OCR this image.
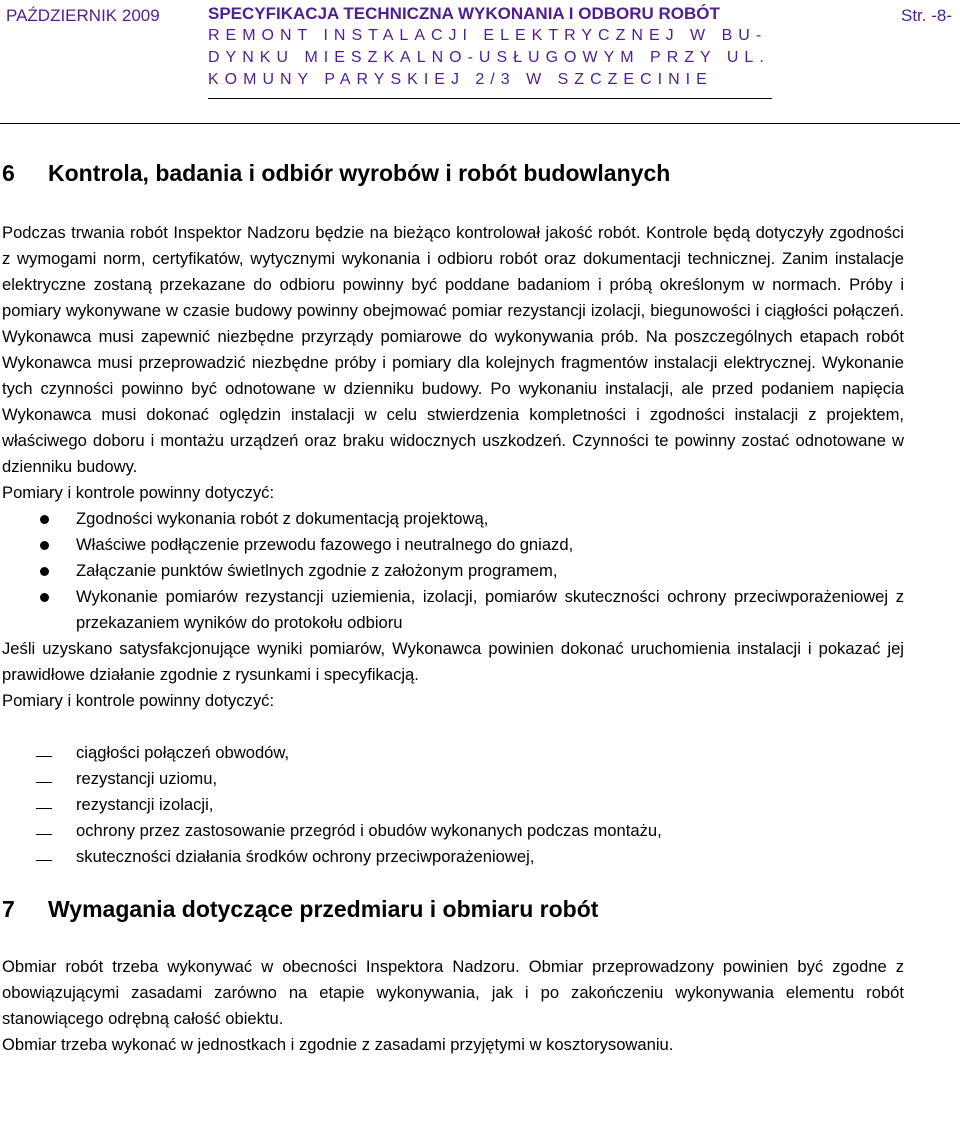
PAŹDZIERNIK 2009	SPECYFIKACJA TECHNICZNA WYKONANIA I ODBORU ROBÓT
REMONT INSTALACJI ELEKTRYCZNEJ W BU-
DYNKU MIESZKALNO-USŁUGOWYM PRZY UL.
KOMUNY PARYSKIEJ 2/3 W SZCZECINIE
Str. -8-
6	Kontrola, badania i odbiór wyrobów i robót budowlanych

Podczas trwania robót Inspektor Nadzoru będzie na bieżąco kontrolował jakość robót. Kontrole będą dotyczyły zgodności z wymogami norm, certyfikatów, wytycznymi wykonania i odbioru robót oraz dokumentacji technicznej. Zanim instalacje elektryczne zostaną przekazane do odbioru powinny być poddane badaniom i próbą określonym w normach. Próby i pomiary wykonywane w czasie budowy powinny obejmować pomiar rezystancji izolacji, biegunowości i ciągłości połączeń. Wykonawca musi zapewnić niezbędne przyrządy pomiarowe do wykonywania prób. Na poszczególnych etapach robót Wykonawca musi przeprowadzić niezbędne próby i pomiary dla kolejnych fragmentów instalacji elektrycznej. Wykonanie tych czynności powinno być odnotowane w dzienniku budowy. Po wykonaniu instalacji, ale przed podaniem napięcia Wykonawca musi dokonać oględzin instalacji w celu stwierdzenia kompletności i zgodności instalacji z projektem, właściwego doboru i montażu urządzeń oraz braku widocznych uszkodzeń. Czynności te powinny zostać odnotowane w dzienniku budowy.

Pomiary i kontrole powinny dotyczyć:

Zgodności wykonania robót z dokumentacją projektową,
Właściwe podłączenie przewodu fazowego i neutralnego do gniazd,
Załączanie punktów świetlnych zgodnie z założonym programem,
Wykonanie pomiarów rezystancji uziemienia, izolacji, pomiarów skuteczności ochrony przeciwporażeniowej z przekazaniem wyników do protokołu odbioru

Jeśli uzyskano satysfakcjonujące wyniki pomiarów, Wykonawca powinien dokonać uruchomienia instalacji i pokazać jej prawidłowe działanie zgodnie z rysunkami i specyfikacją.

Pomiary i kontrole powinny dotyczyć:

ciągłości połączeń obwodów,
rezystancji uziomu,
rezystancji izolacji,
ochrony przez zastosowanie przegród i obudów wykonanych podczas montażu,
skuteczności działania środków ochrony przeciwporażeniowej,
7	Wymagania dotyczące przedmiaru i obmiaru robót

Obmiar robót trzeba wykonywać w obecności Inspektora Nadzoru. Obmiar przeprowadzony powinien być zgodne z obowiązującymi zasadami zarówno na etapie wykonywania, jak i po zakończeniu wykonywania elementu robót stanowiącego odrębną całość obiektu.

Obmiar trzeba wykonać w jednostkach i zgodnie z zasadami przyjętymi w kosztorysowaniu.
